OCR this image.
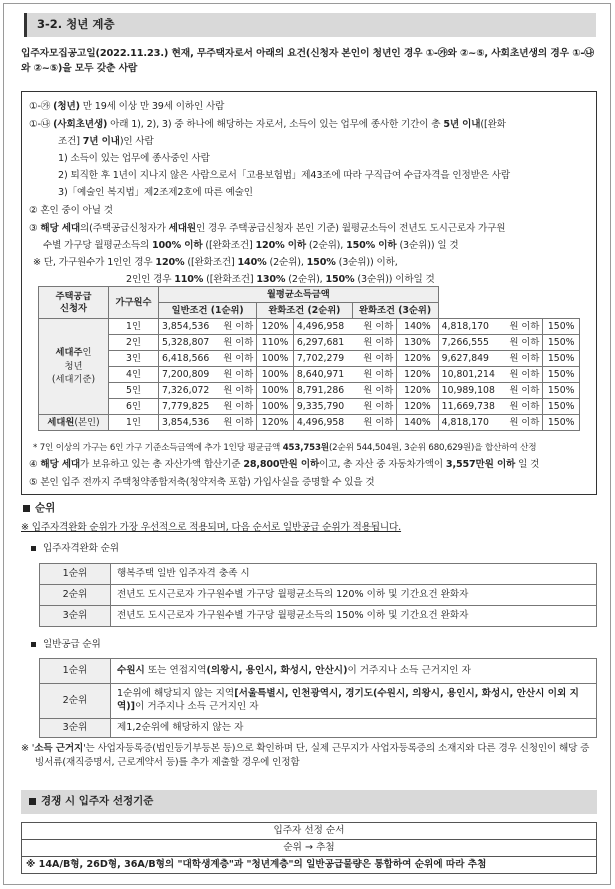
3-2. 청년 계층
입주자모집공고일(2022.11.23.) 현재, 무주택자로서 아래의 요건(신청자 본인이 청년인 경우 ①-㉮와 ②~⑤, 사회초년생의 경우 ①-㉯와 ②~⑤)을 모두 갖춘 사람
①-㉮ (청년) 만 19세 이상 만 39세 이하인 사람
①-㉯ (사회초년생) 아래 1), 2), 3) 중 하나에 해당하는 자로서, 소득이 있는 업무에 종사한 기간이 총 5년 이내([완화
조건] 7년 이내)인 사람
1) 소득이 있는 업무에 종사중인 사람
2) 퇴직한 후 1년이 지나지 않은 사람으로서「고용보험법」제43조에 따라 구직급여 수급자격을 인정받은 사람
3)「예술인 복지법」제2조제2호에 따른 예술인
② 혼인 중이 아닐 것
③ 해당 세대의(주택공급신청자가 세대원인 경우 주택공급신청자 본인 기준) 월평균소득이 전년도 도시근로자 가구원
수별 가구당 월평균소득의 100% 이하 ([완화조건] 120% 이하 (2순위), 150% 이하 (3순위)) 일 것
※ 단, 가구원수가 1인인 경우 120% ([완화조건] 140% (2순위), 150% (3순위)) 이하,
2인인 경우 110% ([완화조건] 130% (2순위), 150% (3순위)) 이하일 것
* 7인 이상의 가구는 6인 가구 기준소득금액에 추가 1인당 평균금액 453,753원(2순위 544,504원, 3순위 680,629원)을 합산하여 산정
④ 해당 세대가 보유하고 있는 총 자산가액 합산기준 28,800만원 이하이고, 총 자산 중 자동차가액이 3,557만원 이하 일 것
⑤ 본인 입주 전까지 주택청약종합저축(청약저축 포함) 가입사실을 증명할 수 있을 것
주택공급
신청자	가구원수	월평균소득금액								
		일반조건 (1순위)		완화조건 (2순위)		완화조건 (3순위)				
세대주인
청년
(세대기준)	1인	3,854,536	원 이하	120%	4,496,958	원 이하	140%	4,818,170	원 이하	150%
	2인	5,328,807	원 이하	110%	6,297,681	원 이하	130%	7,266,555	원 이하	150%
	3인	6,418,566	원 이하	100%	7,702,279	원 이하	120%	9,627,849	원 이하	150%
	4인	7,200,809	원 이하	100%	8,640,971	원 이하	120%	10,801,214	원 이하	150%
	5인	7,326,072	원 이하	100%	8,791,286	원 이하	120%	10,989,108	원 이하	150%
	6인	7,779,825	원 이하	100%	9,335,790	원 이하	120%	11,669,738	원 이하	150%
세대원(본인)	1인	3,854,536	원 이하	120%	4,496,958	원 이하	140%	4,818,170	원 이하	150%
순위
※ 입주자격완화 순위가 가장 우선적으로 적용되며, 다음 순서로 일반공급 순위가 적용됩니다.
입주자격완화 순위
1순위	행복주택 일반 입주자격 충족 시
2순위	전년도 도시근로자 가구원수별 가구당 월평균소득의 120% 이하 및 기간요건 완화자
3순위	전년도 도시근로자 가구원수별 가구당 월평균소득의 150% 이하 및 기간요건 완화자
일반공급 순위
1순위	수원시 또는 연접지역(의왕시, 용인시, 화성시, 안산시)이 거주지나 소득 근거지인 자
2순위	1순위에 해당되지 않는 지역[서울특별시, 인천광역시, 경기도(수원시, 의왕시, 용인시, 화성시, 안산시 이외 지역)]이 거주지나 소득 근거지인 자
3순위	제1,2순위에 해당하지 않는 자
※ '소득 근거지'는 사업자등록증(법인등기부등본 등)으로 확인하며 단, 실제 근무지가 사업자등록증의 소재지와 다른 경우 신청인이 해당 증빙서류(재직증명서, 근로계약서 등)를 추가 제출할 경우에 인정함
경쟁 시 입주자 선정기준
입주자 선정 순서
순위 → 추첨
※ 14A/B형, 26D형, 36A/B형의 "대학생계층"과 "청년계층"의 일반공급물량은 통합하여 순위에 따라 추첨
